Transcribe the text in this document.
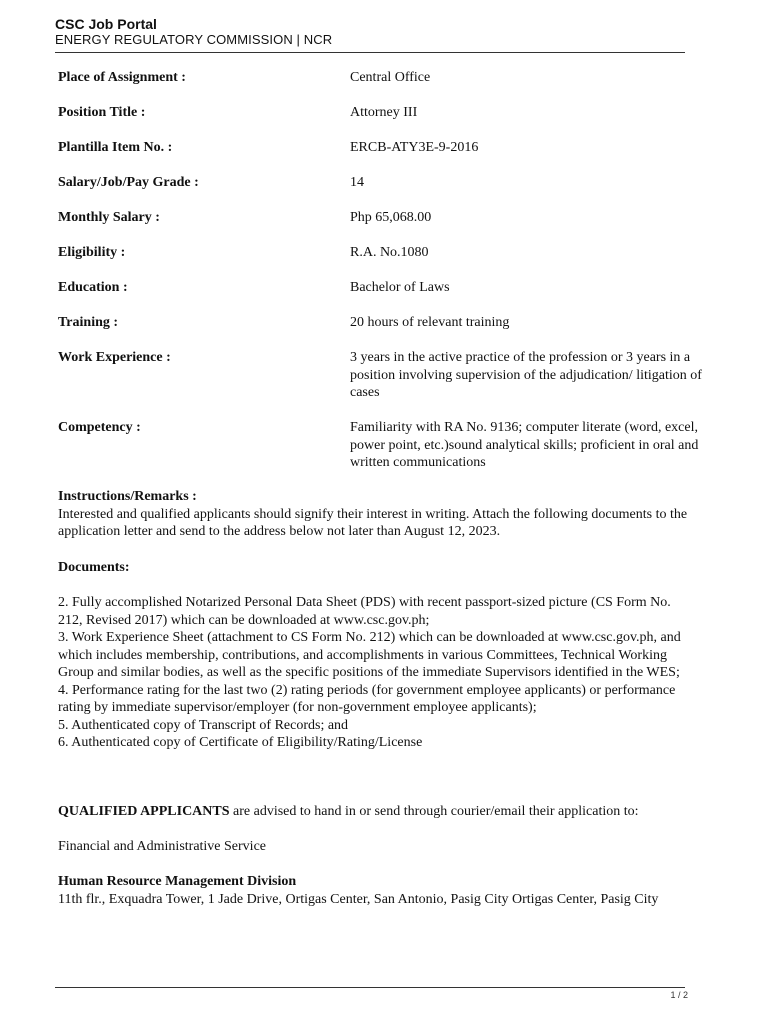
CSC Job Portal
ENERGY REGULATORY COMMISSION | NCR
Place of Assignment :	Central Office
Position Title :	Attorney III
Plantilla Item No. :	ERCB-ATY3E-9-2016
Salary/Job/Pay Grade :	14
Monthly Salary :	Php 65,068.00
Eligibility :	R.A. No.1080
Education :	Bachelor of Laws
Training :	20 hours of relevant training
Work Experience :	3 years in the active practice of the profession or 3 years in a position involving supervision of the adjudication/ litigation of cases
Competency :	Familiarity with RA No. 9136; computer literate (word, excel, power point, etc.)sound analytical skills; proficient in oral and written communications
Instructions/Remarks :
Interested and qualified applicants should signify their interest in writing. Attach the following documents to the application letter and send to the address below not later than August 12, 2023.
Documents:
2. Fully accomplished Notarized Personal Data Sheet (PDS) with recent passport-sized picture (CS Form No. 212, Revised 2017) which can be downloaded at www.csc.gov.ph;
3. Work Experience Sheet (attachment to CS Form No. 212) which can be downloaded at www.csc.gov.ph, and which includes membership, contributions, and accomplishments in various Committees, Technical Working Group and similar bodies, as well as the specific positions of the immediate Supervisors identified in the WES;
4. Performance rating for the last two (2) rating periods (for government employee applicants) or performance rating by immediate supervisor/employer (for non-government employee applicants);
5. Authenticated copy of Transcript of Records; and
6. Authenticated copy of Certificate of Eligibility/Rating/License
QUALIFIED APPLICANTS are advised to hand in or send through courier/email their application to:
Financial and Administrative Service
Human Resource Management Division
11th flr., Exquadra Tower, 1 Jade Drive, Ortigas Center, San Antonio, Pasig City Ortigas Center, Pasig City
1 / 2
